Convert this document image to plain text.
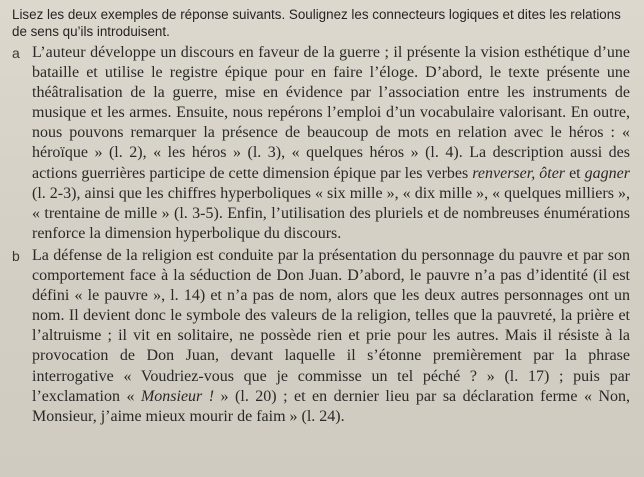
Lisez les deux exemples de réponse suivants. Soulignez les connecteurs logiques et dites les relations de sens qu’ils introduisent.

a L’auteur développe un discours en faveur de la guerre ; il présente la vision esthétique d’une bataille et utilise le registre épique pour en faire l’éloge. D’abord, le texte présente une théâtralisation de la guerre, mise en évidence par l’association entre les instruments de musique et les armes. Ensuite, nous repérons l’emploi d’un vocabulaire valorisant. En outre, nous pouvons remarquer la présence de beaucoup de mots en relation avec le héros : « héroïque » (l. 2), « les héros » (l. 3), « quelques héros » (l. 4). La description aussi des actions guerrières participe de cette dimension épique par les verbes renverser, ôter et gagner (l. 2-3), ainsi que les chiffres hyperboliques « six mille », « dix mille », « quelques milliers », « trentaine de mille » (l. 3-5). Enfin, l’utilisation des pluriels et de nombreuses énumérations renforce la dimension hyperbolique du discours.
b La défense de la religion est conduite par la présentation du personnage du pauvre et par son comportement face à la séduction de Don Juan. D’abord, le pauvre n’a pas d’identité (il est défini « le pauvre », l. 14) et n’a pas de nom, alors que les deux autres personnages ont un nom. Il devient donc le symbole des valeurs de la religion, telles que la pauvreté, la prière et l’altruisme ; il vit en solitaire, ne possède rien et prie pour les autres. Mais il résiste à la provocation de Don Juan, devant laquelle il s’étonne premièrement par la phrase interrogative « Voudriez-vous que je commisse un tel péché ? » (l. 17) ; puis par l’exclamation « Monsieur ! » (l. 20) ; et en dernier lieu par sa déclaration ferme « Non, Monsieur, j’aime mieux mourir de faim » (l. 24).
